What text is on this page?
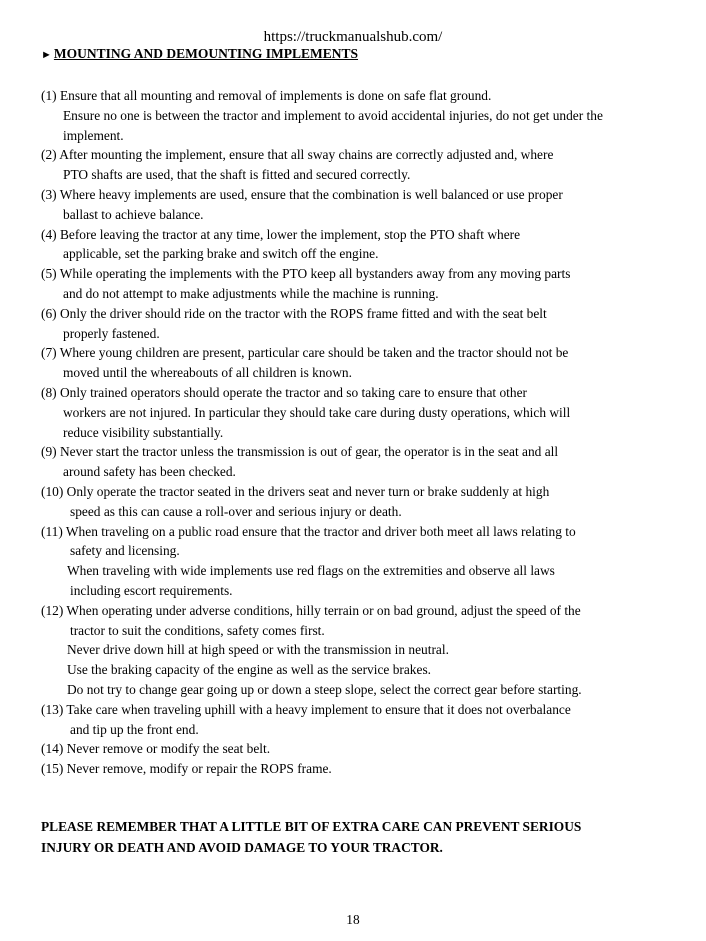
https://truckmanualshub.com/
► MOUNTING AND DEMOUNTING IMPLEMENTS
(1) Ensure that all mounting and removal of implements is done on safe flat ground.
Ensure no one is between the tractor and implement to avoid accidental injuries, do not get under the
implement.
(2) After mounting the implement, ensure that all sway chains are correctly adjusted and, where
PTO shafts are used, that the shaft is fitted and secured correctly.
(3) Where heavy implements are used, ensure that the combination is well balanced or use proper
ballast to achieve balance.
(4) Before leaving the tractor at any time, lower the implement, stop the PTO shaft where
applicable, set the parking brake and switch off the engine.
(5) While operating the implements with the PTO keep all bystanders away from any moving parts
and do not attempt to make adjustments while the machine is running.
(6) Only the driver should ride on the tractor with the ROPS frame fitted and with the seat belt
properly fastened.
(7) Where young children are present, particular care should be taken and the tractor should not be
moved until the whereabouts of all children is known.
(8) Only trained operators should operate the tractor and so taking care to ensure that other
workers are not injured. In particular they should take care during dusty operations, which will
reduce visibility substantially.
(9) Never start the tractor unless the transmission is out of gear, the operator is in the seat and all
around safety has been checked.
(10) Only operate the tractor seated in the drivers seat and never turn or brake suddenly at high
speed as this can cause a roll-over and serious injury or death.
(11) When traveling on a public road ensure that the tractor and driver both meet all laws relating to
safety and licensing.
When traveling with wide implements use red flags on the extremities and observe all laws
including escort requirements.
(12) When operating under adverse conditions, hilly terrain or on bad ground, adjust the speed of the
tractor to suit the conditions, safety comes first.
Never drive down hill at high speed or with the transmission in neutral.
Use the braking capacity of the engine as well as the service brakes.
Do not try to change gear going up or down a steep slope, select the correct gear before starting.
(13) Take care when traveling uphill with a heavy implement to ensure that it does not overbalance
and tip up the front end.
(14) Never remove or modify the seat belt.
(15) Never remove, modify or repair the ROPS frame.
PLEASE REMEMBER THAT A LITTLE BIT OF EXTRA CARE CAN PREVENT SERIOUS
INJURY OR DEATH AND AVOID DAMAGE TO YOUR TRACTOR.
18
